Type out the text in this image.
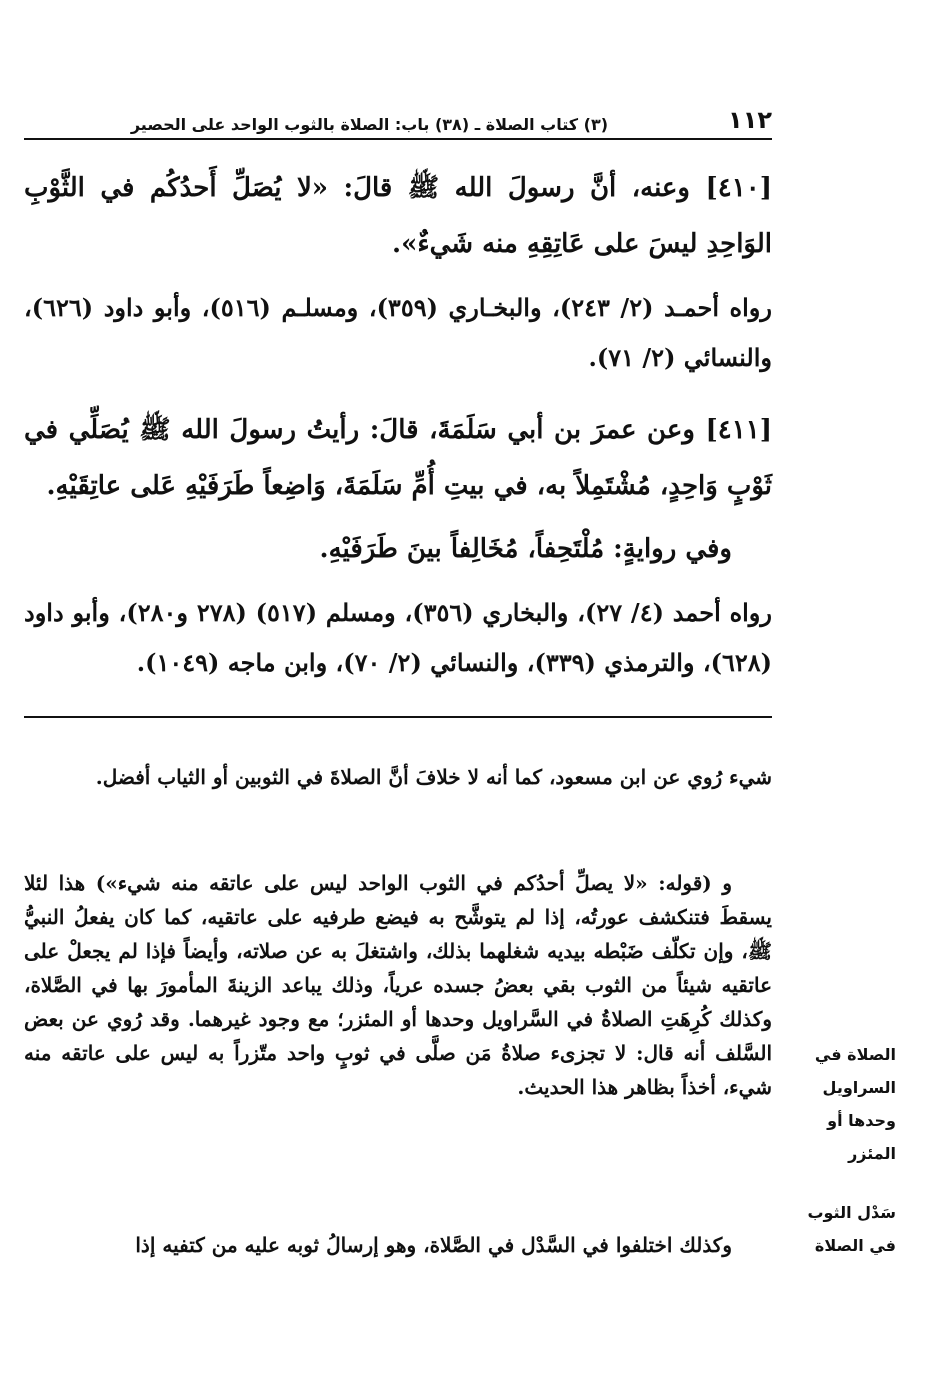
١١٢
(٣) كتاب الصلاة ـ (٣٨) باب: الصلاة بالثوب الواحد على الحصير
[٤١٠] وعنه، أنَّ رسولَ الله ﷺ قالَ: «لا يُصَلِّ أَحدُكُم في الثَّوْبِ الوَاحِدِ ليسَ على عَاتِقِهِ منه شَيءٌ».
رواه أحمـد (٢/ ٢٤٣)، والبخـاري (٣٥٩)، ومسلـم (٥١٦)، وأبو داود (٦٢٦)، والنسائي (٢/ ٧١).
[٤١١] وعن عمرَ بن أبي سَلَمَةَ، قالَ: رأيتُ رسولَ الله ﷺ يُصَلِّي في ثَوْبٍ وَاحِدٍ، مُشْتَمِلاً به، في بيتِ أُمِّ سَلَمَةَ، وَاضِعاً طَرَفَيْهِ عَلى عاتِقَيْهِ.
وفي روايةٍ: مُلْتَحِفاً، مُخَالِفاً بينَ طَرَفَيْهِ.
رواه أحمد (٤/ ٢٧)، والبخاري (٣٥٦)، ومسلم (٥١٧) (٢٧٨ و٢٨٠)، وأبو داود (٦٢٨)، والترمذي (٣٣٩)، والنسائي (٢/ ٧٠)، وابن ماجه (١٠٤٩).
شيء رُوي عن ابن مسعود، كما أنه لا خلافَ أنَّ الصلاةَ في الثوبين أو الثياب أفضل.
و (قوله: «لا يصلِّ أحدُكم في الثوب الواحد ليس على عاتقه منه شيء») هذا لئلا يسقطَ فتنكشف عورتُه، إذا لم يتوشَّح به فيضع طرفيه على عاتقيه، كما كان يفعلُ النبيُّ ﷺ، وإن تكلّف ضَبْطه بيديه شغلهما بذلك، واشتغلَ به عن صلاته، وأيضاً فإذا لم يجعلْ على عاتقيه شيئاً من الثوب بقي بعضُ جسده عرياً، وذلك يباعد الزينةَ المأمورَ بها في الصَّلاة، وكذلك كُرِهَتِ الصلاةُ في السَّراويل وحدها أو المئزر؛ مع وجود غيرهما. وقد رُوي عن بعض السَّلف أنه قال: لا تجزىء صلاةُ مَن صلَّى في ثوبٍ واحد متّزراً به ليس على عاتقه منه شيء، أخذاً بظاهر هذا الحديث.
وكذلك اختلفوا في السَّدْل في الصَّلاة، وهو إرسالُ ثوبه عليه من كتفيه إذا
الصلاة في السراويل وحدها أو المئزر
سَدْل الثوب في الصلاة
